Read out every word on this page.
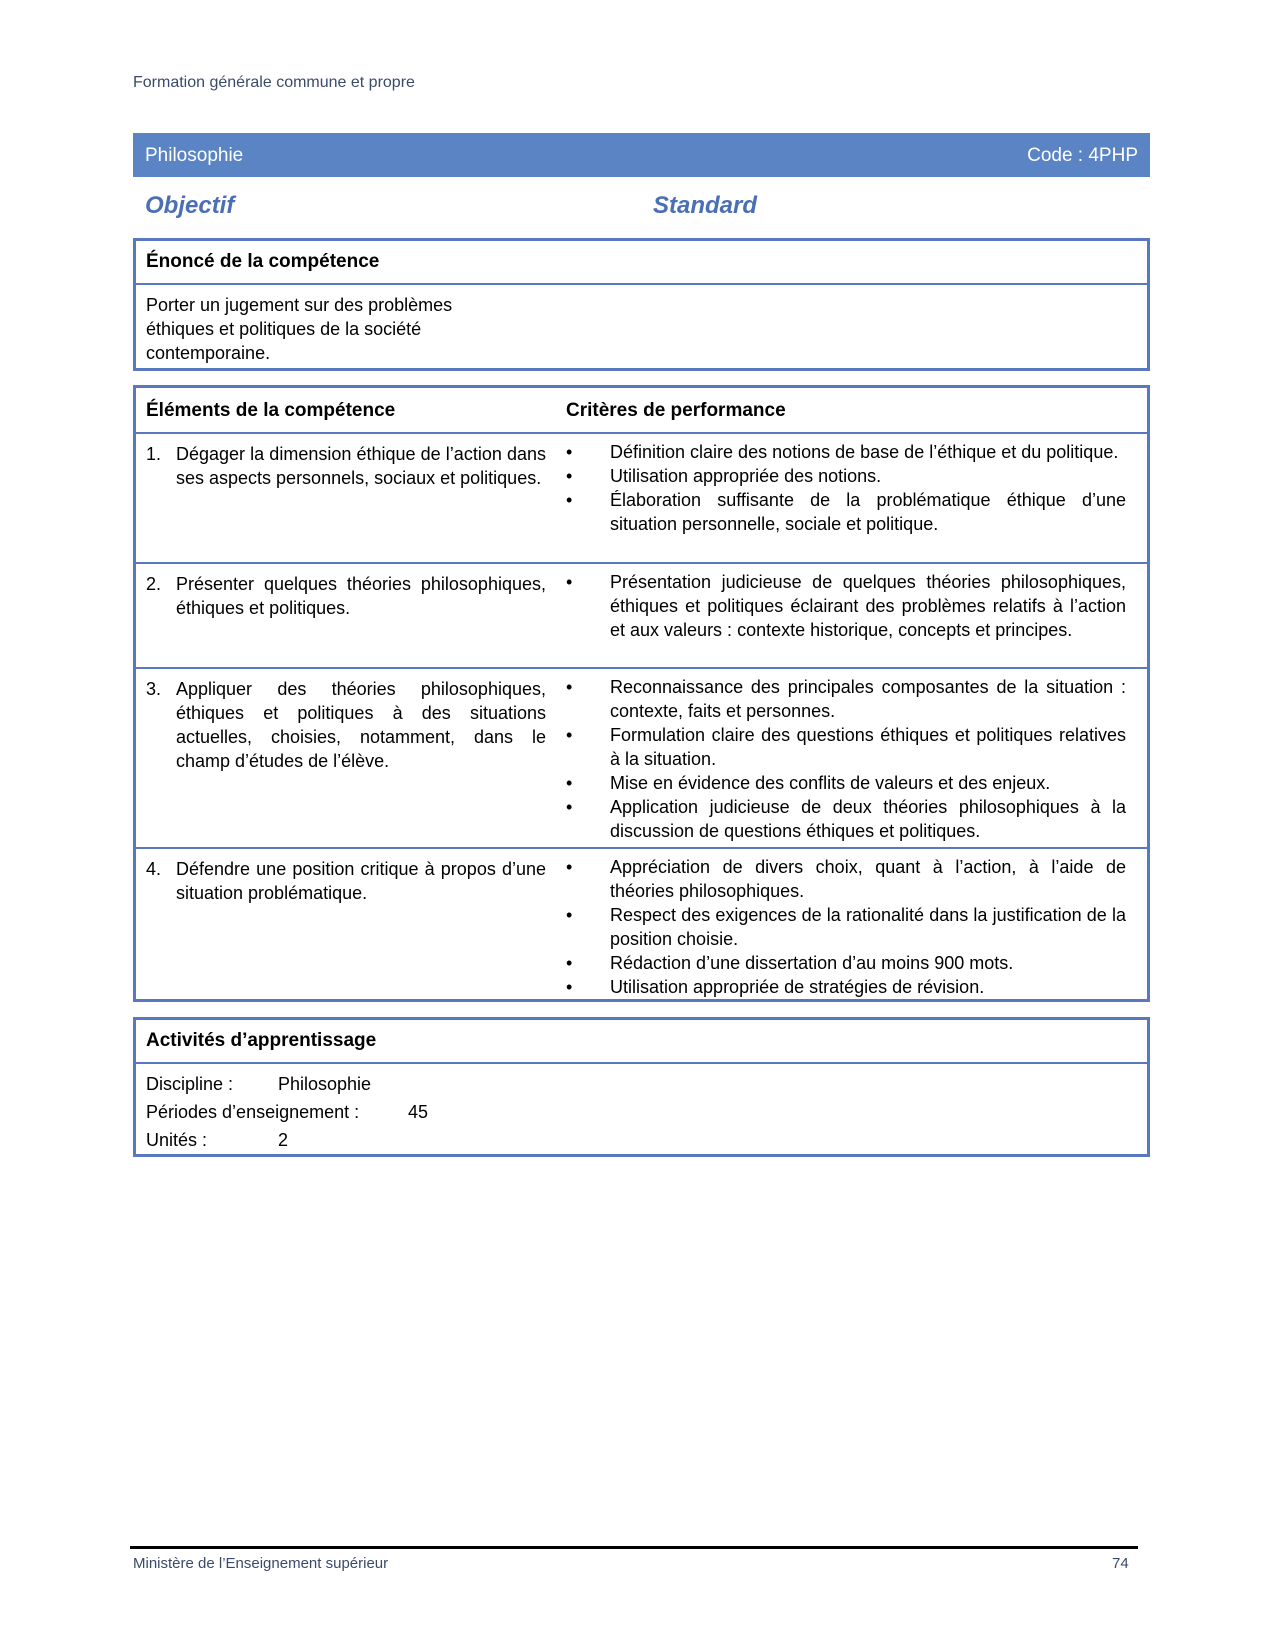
Formation générale commune et propre
Philosophie	Code : 4PHP
Objectif	Standard
Énoncé de la compétence
Porter un jugement sur des problèmes
éthiques et politiques de la société
contemporaine.
Éléments de la compétence	Critères de performance
1. Dégager la dimension éthique de l’action dans ses aspects personnels, sociaux et politiques.
• Définition claire des notions de base de l’éthique et du politique.
• Utilisation appropriée des notions.
• Élaboration suffisante de la problématique éthique d’une situation personnelle, sociale et politique.
2. Présenter quelques théories philosophiques, éthiques et politiques.
• Présentation judicieuse de quelques théories philosophiques, éthiques et politiques éclairant des problèmes relatifs à l’action et aux valeurs : contexte historique, concepts et principes.
3. Appliquer des théories philosophiques, éthiques et politiques à des situations actuelles, choisies, notamment, dans le champ d’études de l’élève.
• Reconnaissance des principales composantes de la situation : contexte, faits et personnes.
• Formulation claire des questions éthiques et politiques relatives à la situation.
• Mise en évidence des conflits de valeurs et des enjeux.
• Application judicieuse de deux théories philosophiques à la discussion de questions éthiques et politiques.
4. Défendre une position critique à propos d’une situation problématique.
• Appréciation de divers choix, quant à l’action, à l’aide de théories philosophiques.
• Respect des exigences de la rationalité dans la justification de la position choisie.
• Rédaction d’une dissertation d’au moins 900 mots.
• Utilisation appropriée de stratégies de révision.
Activités d’apprentissage
Discipline : Philosophie
Périodes d’enseignement :	45
Unités :	2
Ministère de l’Enseignement supérieur	74
